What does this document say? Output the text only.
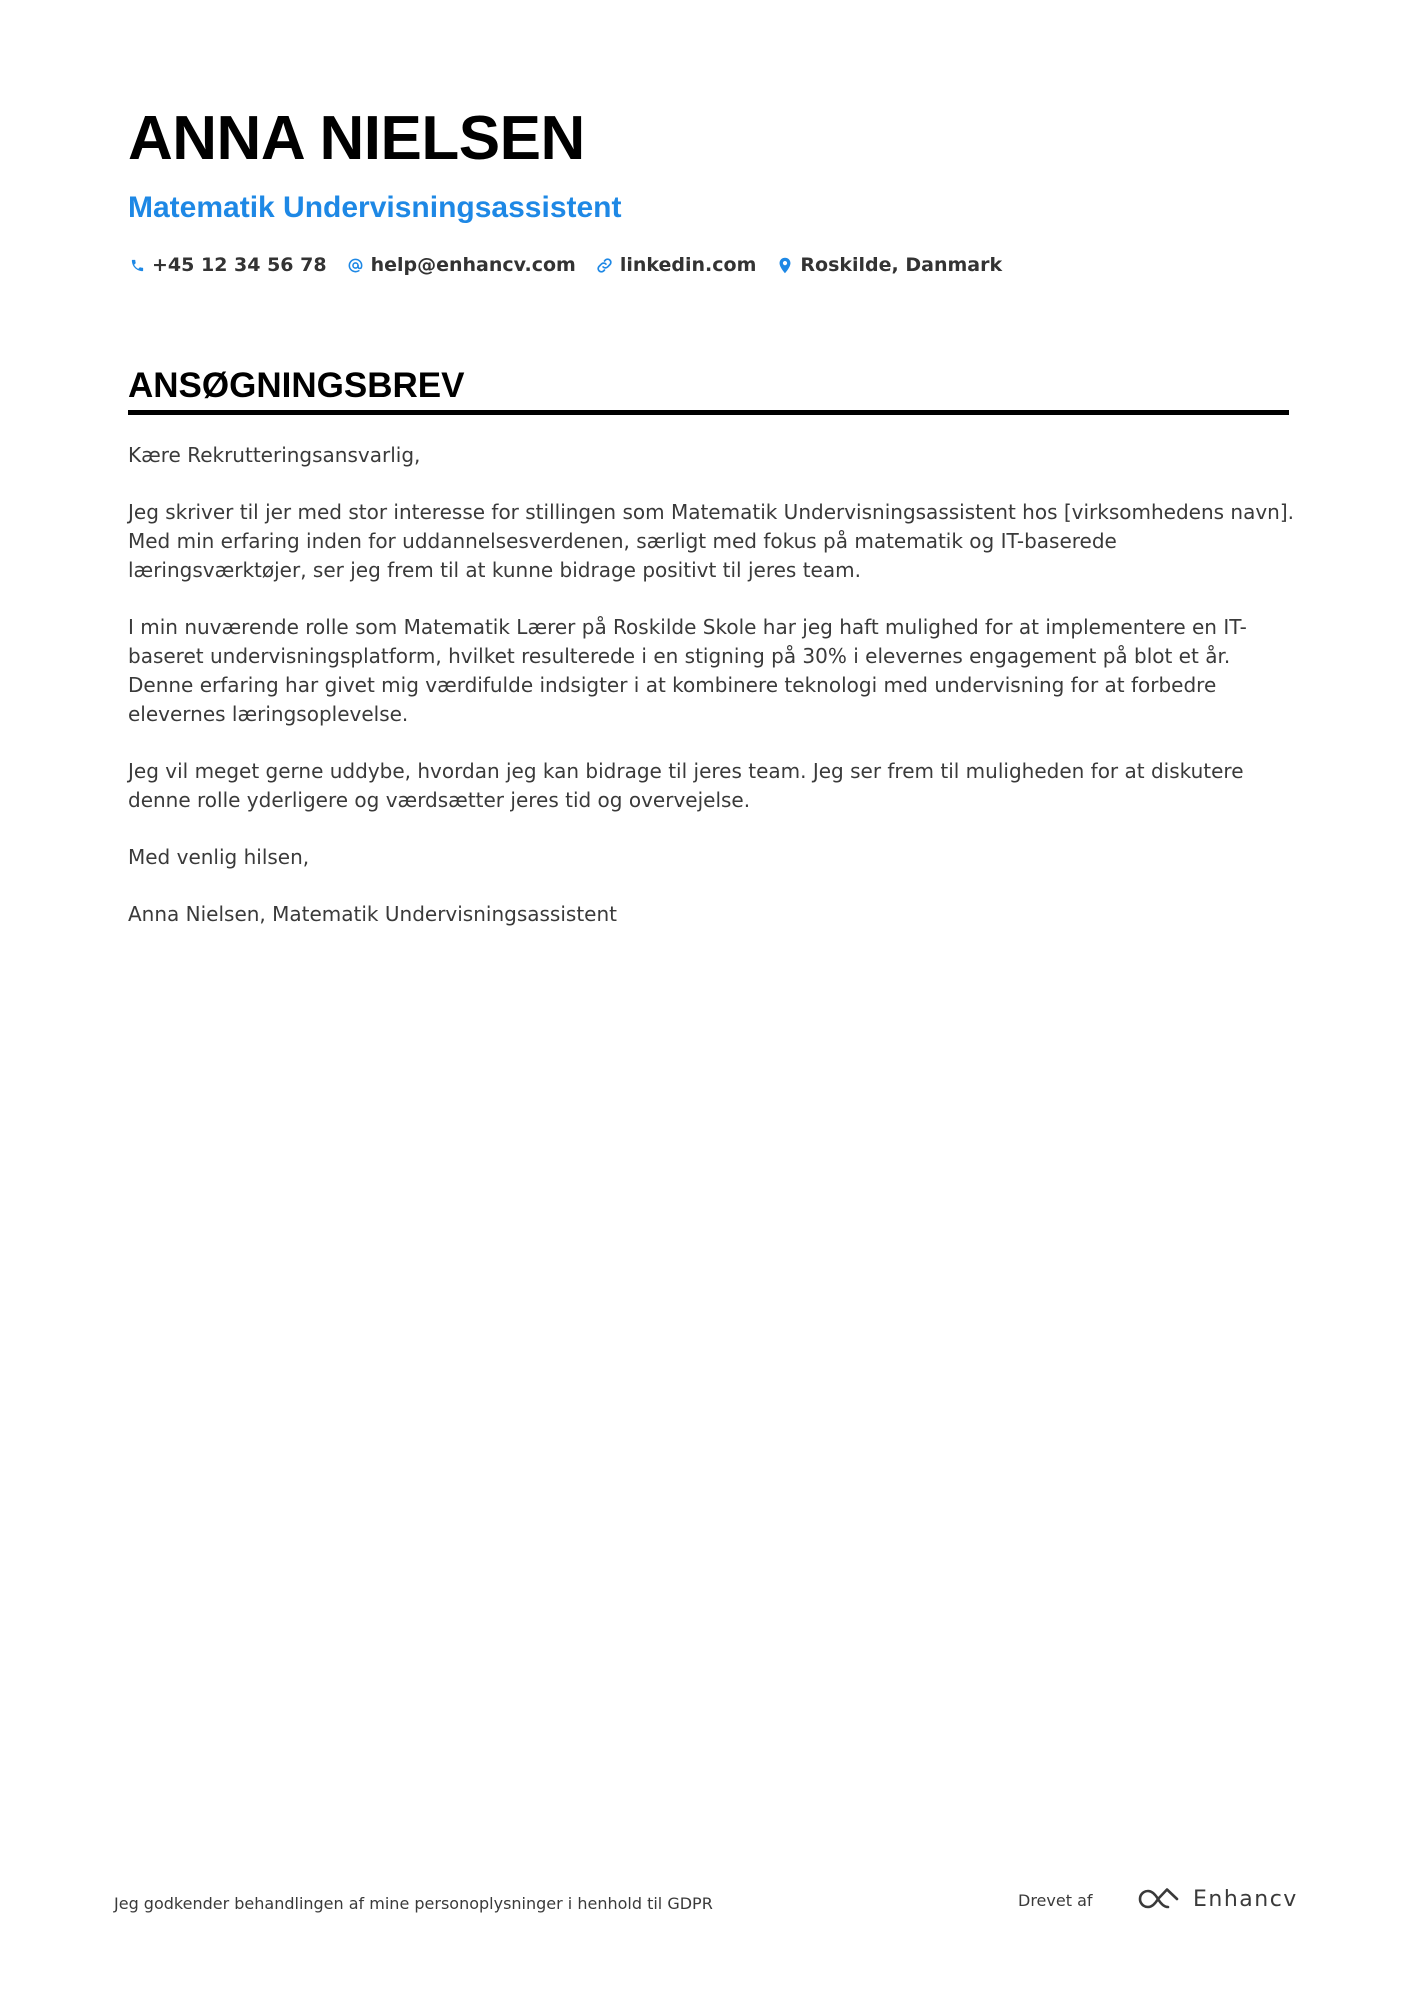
ANNA NIELSEN
Matematik Undervisningsassistent
+45 12 34 56 78 help@enhancv.com linkedin.com Roskilde, Danmark
ANSØGNINGSBREV

Kære Rekrutteringsansvarlig,

Jeg skriver til jer med stor interesse for stillingen som Matematik Undervisningsassistent hos [virksomhedens navn]. Med min erfaring inden for uddannelsesverdenen, særligt med fokus på matematik og IT-baserede læringsværktøjer, ser jeg frem til at kunne bidrage positivt til jeres team.

I min nuværende rolle som Matematik Lærer på Roskilde Skole har jeg haft mulighed for at implementere en IT-baseret undervisningsplatform, hvilket resulterede i en stigning på 30% i elevernes engagement på blot et år. Denne erfaring har givet mig værdifulde indsigter i at kombinere teknologi med undervisning for at forbedre elevernes læringsoplevelse.

Jeg vil meget gerne uddybe, hvordan jeg kan bidrage til jeres team. Jeg ser frem til muligheden for at diskutere denne rolle yderligere og værdsætter jeres tid og overvejelse.

Med venlig hilsen,

Anna Nielsen, Matematik Undervisningsassistent

Jeg godkender behandlingen af mine personoplysninger i henhold til GDPR	Drevet af	Enhancv
